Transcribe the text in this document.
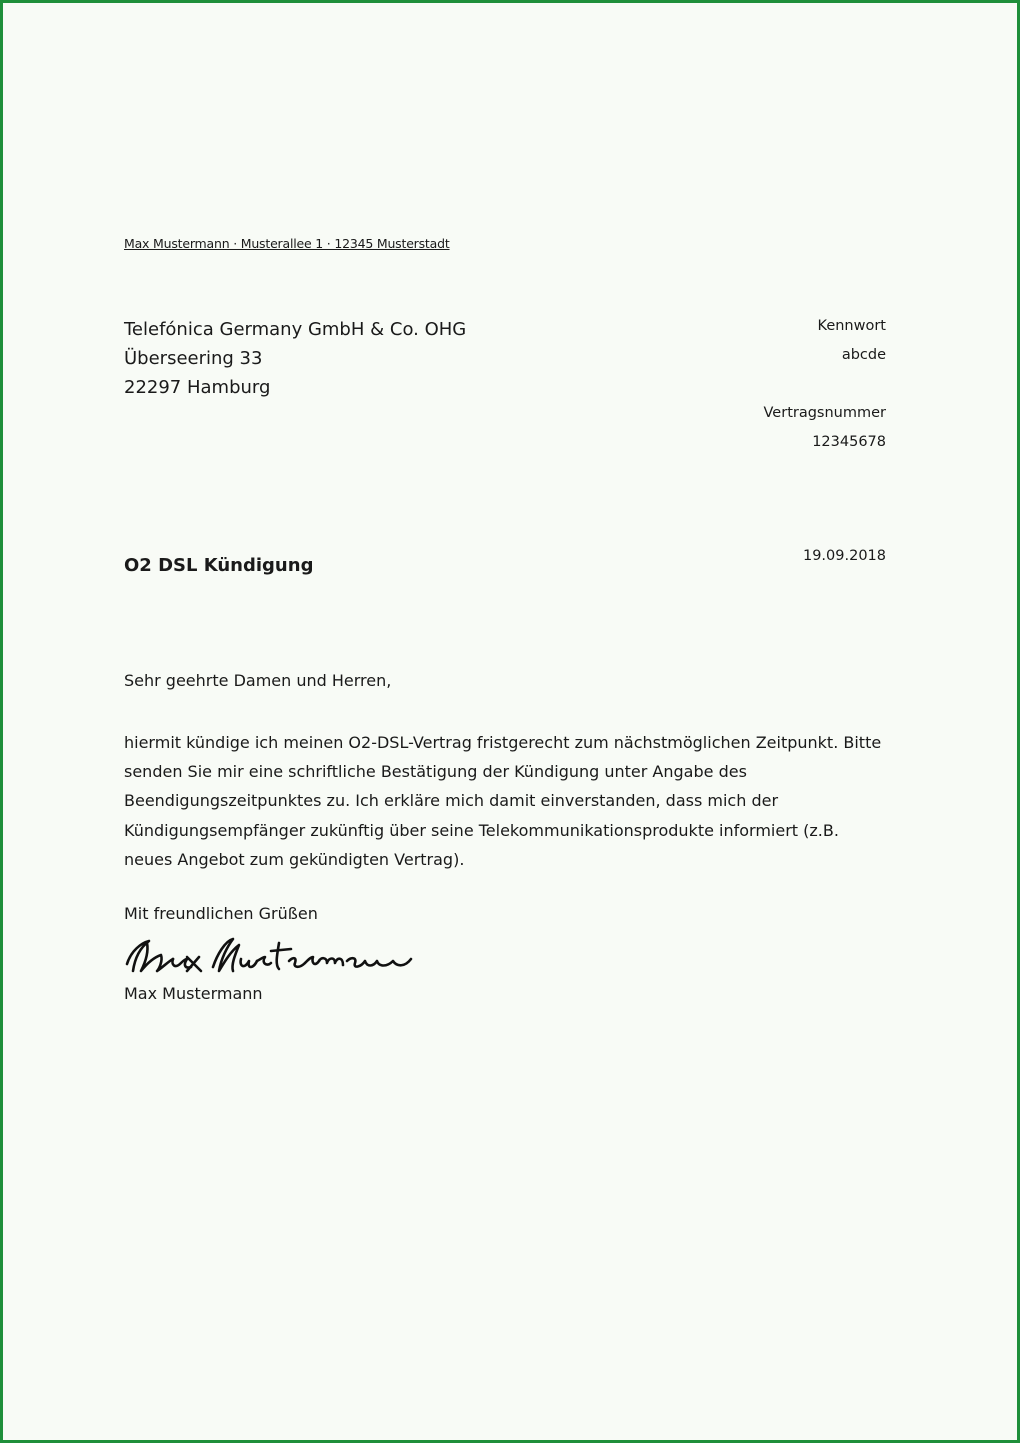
Max Mustermann · Musterallee 1 · 12345 Musterstadt
Telefónica Germany GmbH & Co. OHG
Überseering 33
22297 Hamburg
Kennwort
abcde
Vertragsnummer
12345678
O2 DSL Kündigung	19.09.2018
Sehr geehrte Damen und Herren,
hiermit kündige ich meinen O2-DSL-Vertrag fristgerecht zum nächstmöglichen Zeitpunkt. Bitte senden Sie mir eine schriftliche Bestätigung der Kündigung unter Angabe des Beendigungszeitpunktes zu. Ich erkläre mich damit einverstanden, dass mich der Kündigungsempfänger zukünftig über seine Telekommunikationsprodukte informiert (z.B. neues Angebot zum gekündigten Vertrag).
Mit freundlichen Grüßen
Max Mustermann
